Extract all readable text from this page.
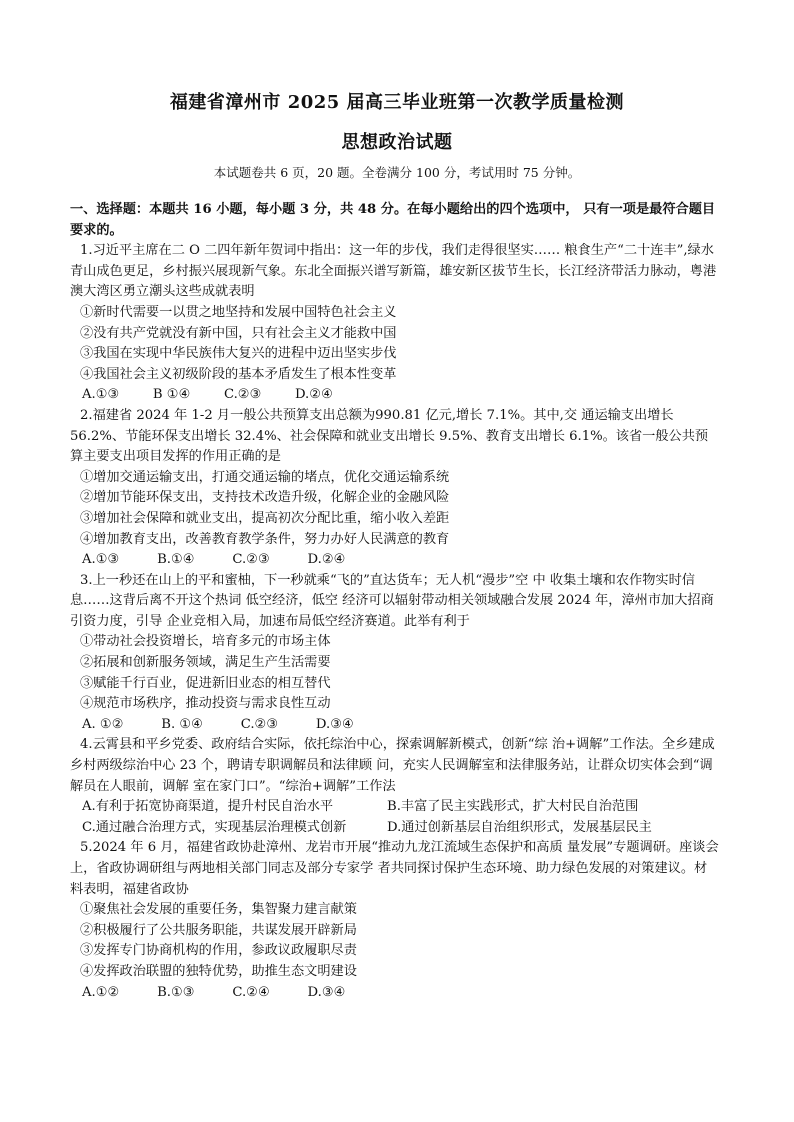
福建省漳州市 2025 届高三毕业班第一次教学质量检测
思想政治试题
本试题卷共 6 页，20 题。全卷满分 100 分，考试用时 75 分钟。

一、选择题：本题共 16 小题，每小题 3 分，共 48 分。在每小题给出的四个选项中， 只有一项是最符合题目要求的。

1.习近平主席在二 O 二四年新年贺词中指出：这一年的步伐，我们走得很坚实…… 粮食生产“二十连丰”,绿水青山成色更足，乡村振兴展现新气象。东北全面振兴谱写新篇，雄安新区拔节生长，长江经济带活力脉动，粤港澳大湾区勇立潮头这些成就表明

①新时代需要一以贯之地坚持和发展中国特色社会主义

②没有共产党就没有新中国，只有社会主义才能救中国

③我国在实现中华民族伟大复兴的进程中迈出坚实步伐

④我国社会主义初级阶段的基本矛盾发生了根本性变革

A.①③        B ①④        C.②③        D.②④

2.福建省 2024 年 1-2 月一般公共预算支出总额为990.81 亿元,增长 7.1%。其中,交 通运输支出增长 56.2%、节能环保支出增长 32.4%、社会保障和就业支出增长 9.5%、教育支出增长 6.1%。该省一般公共预算主要支出项目发挥的作用正确的是

①增加交通运输支出，打通交通运输的堵点，优化交通运输系统

②增加节能环保支出，支持技术改造升级，化解企业的金融风险

③增加社会保障和就业支出，提高初次分配比重，缩小收入差距

④增加教育支出，改善教育教学条件，努力办好人民满意的教育

A.①③         B.①④         C.②③         D.②④

3.上一秒还在山上的平和蜜柚，下一秒就乘“飞的”直达货车；无人机“漫步”空 中 收集土壤和农作物实时信息……这背后离不开这个热词 低空经济，低空 经济可以辐射带动相关领域融合发展 2024 年，漳州市加大招商引资力度，引导 企业竞相入局，加速布局低空经济赛道。此举有利于

①带动社会投资增长，培育多元的市场主体

②拓展和创新服务领域，满足生产生活需要

③赋能千行百业，促进新旧业态的相互替代

④规范市场秩序，推动投资与需求良性互动

A. ①②         B. ①④         C.②③         D.③④

4.云霄县和平乡党委、政府结合实际，依托综治中心，探索调解新模式，创新“综 治+调解”工作法。全乡建成乡村两级综治中心 23 个，聘请专职调解员和法律顾 问，充实人民调解室和法律服务站，让群众切实体会到“调解员在人眼前，调解 室在家门口”。“综治+调解”工作法

A.有利于拓宽协商渠道，提升村民自治水平	B.丰富了民主实践形式，扩大村民自治范围
C.通过融合治理方式，实现基层治理模式创新	D.通过创新基层自治组织形式，发展基层民主

5.2024 年 6 月，福建省政协赴漳州、龙岩市开展“推动九龙江流域生态保护和高质 量发展”专题调研。座谈会上，省政协调研组与两地相关部门同志及部分专家学 者共同探讨保护生态环境、助力绿色发展的对策建议。材料表明，福建省政协

①聚焦社会发展的重要任务，集智聚力建言献策

②积极履行了公共服务职能，共谋发展开辟新局

③发挥专门协商机构的作用，参政议政履职尽责

④发挥政治联盟的独特优势，助推生态文明建设

A.①②         B.①③         C.②④         D.③④
